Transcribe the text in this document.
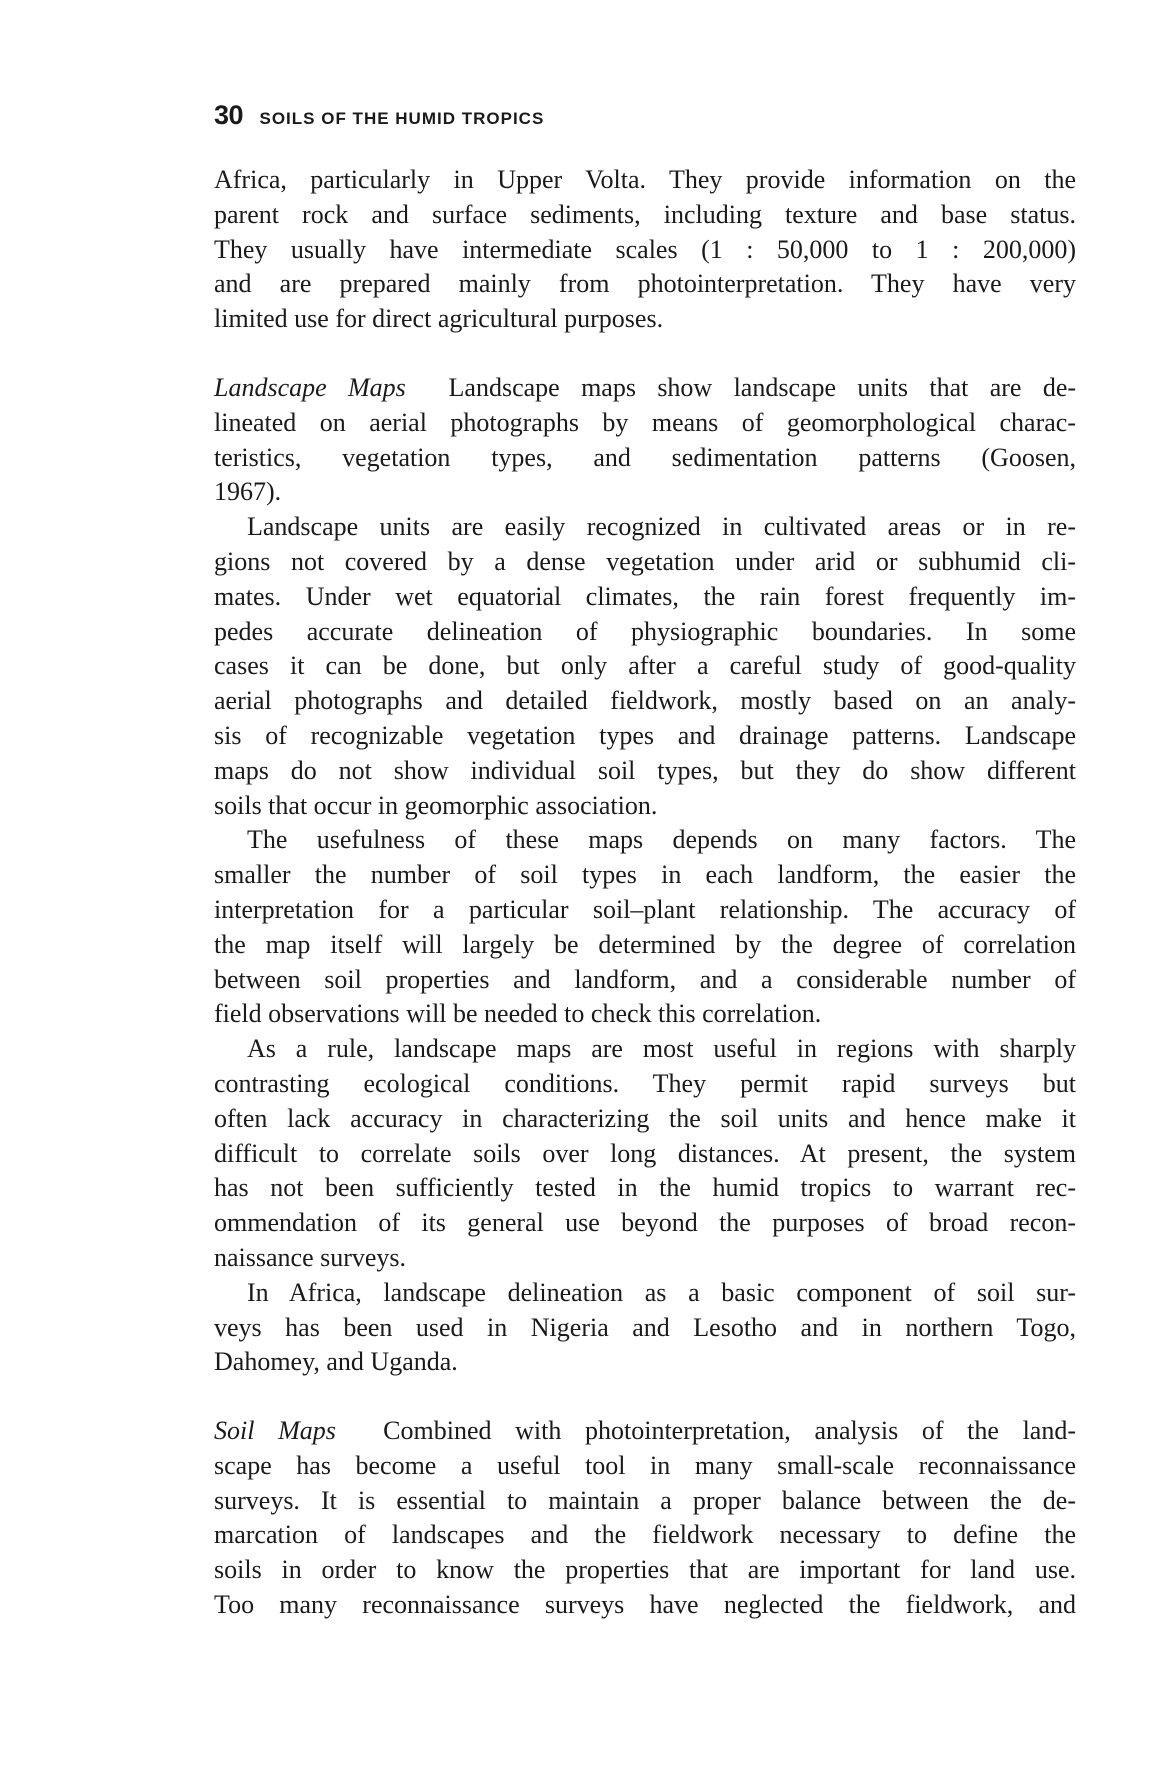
30 SOILS OF THE HUMID TROPICS
Africa, particularly in Upper Volta. They provide information on the
parent rock and surface sediments, including texture and base status.
They usually have intermediate scales (1 : 50,000 to 1 : 200,000)
and are prepared mainly from photointerpretation. They have very
limited use for direct agricultural purposes.
Landscape Maps Landscape maps show landscape units that are de-
lineated on aerial photographs by means of geomorphological charac-
teristics, vegetation types, and sedimentation patterns (Goosen,
1967).
Landscape units are easily recognized in cultivated areas or in re-
gions not covered by a dense vegetation under arid or subhumid cli-
mates. Under wet equatorial climates, the rain forest frequently im-
pedes accurate delineation of physiographic boundaries. In some
cases it can be done, but only after a careful study of good-quality
aerial photographs and detailed fieldwork, mostly based on an analy-
sis of recognizable vegetation types and drainage patterns. Landscape
maps do not show individual soil types, but they do show different
soils that occur in geomorphic association.
The usefulness of these maps depends on many factors. The
smaller the number of soil types in each landform, the easier the
interpretation for a particular soil–plant relationship. The accuracy of
the map itself will largely be determined by the degree of correlation
between soil properties and landform, and a considerable number of
field observations will be needed to check this correlation.
As a rule, landscape maps are most useful in regions with sharply
contrasting ecological conditions. They permit rapid surveys but
often lack accuracy in characterizing the soil units and hence make it
difficult to correlate soils over long distances. At present, the system
has not been sufficiently tested in the humid tropics to warrant rec-
ommendation of its general use beyond the purposes of broad recon-
naissance surveys.
In Africa, landscape delineation as a basic component of soil sur-
veys has been used in Nigeria and Lesotho and in northern Togo,
Dahomey, and Uganda.
Soil Maps Combined with photointerpretation, analysis of the land-
scape has become a useful tool in many small-scale reconnaissance
surveys. It is essential to maintain a proper balance between the de-
marcation of landscapes and the fieldwork necessary to define the
soils in order to know the properties that are important for land use.
Too many reconnaissance surveys have neglected the fieldwork, and
